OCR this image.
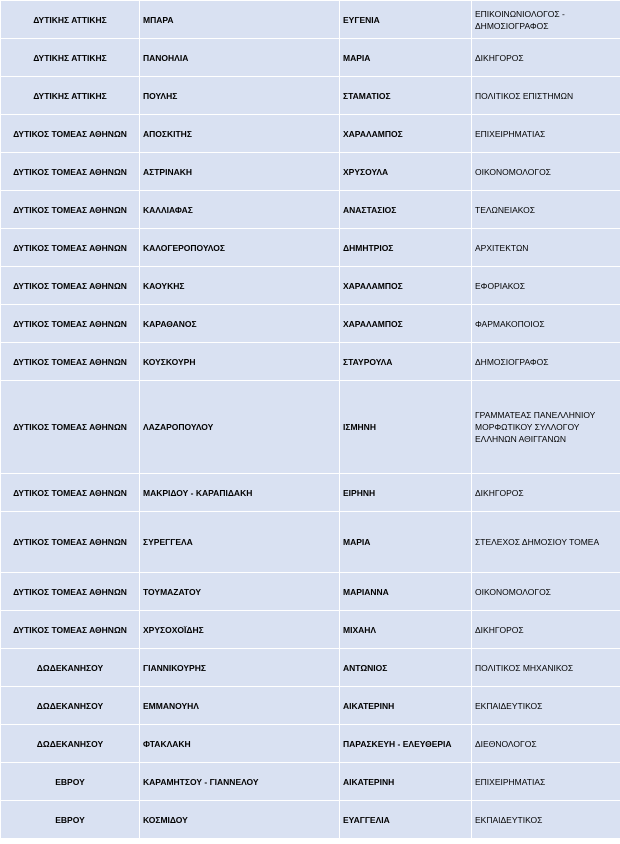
ΔΥΤΙΚΗΣ ΑΤΤΙΚΗΣ	ΜΠΑΡΑ	ΕΥΓΕΝΙΑ	ΕΠΙΚΟΙΝΩΝΙΟΛΟΓΟΣ - ΔΗΜΟΣΙΟΓΡΑΦΟΣ
ΔΥΤΙΚΗΣ ΑΤΤΙΚΗΣ	ΠΑΝΟΗΛΙΑ	ΜΑΡΙΑ	ΔΙΚΗΓΟΡΟΣ
ΔΥΤΙΚΗΣ ΑΤΤΙΚΗΣ	ΠΟΥΛΗΣ	ΣΤΑΜΑΤΙΟΣ	ΠΟΛΙΤΙΚΟΣ ΕΠΙΣΤΗΜΩΝ
ΔΥΤΙΚΟΣ ΤΟΜΕΑΣ ΑΘΗΝΩΝ	ΑΠΟΣΚΙΤΗΣ	ΧΑΡΑΛΑΜΠΟΣ	ΕΠΙΧΕΙΡΗΜΑΤΙΑΣ
ΔΥΤΙΚΟΣ ΤΟΜΕΑΣ ΑΘΗΝΩΝ	ΑΣΤΡΙΝΑΚΗ	ΧΡΥΣΟΥΛΑ	ΟΙΚΟΝΟΜΟΛΟΓΟΣ
ΔΥΤΙΚΟΣ ΤΟΜΕΑΣ ΑΘΗΝΩΝ	ΚΑΛΛΙΑΦΑΣ	ΑΝΑΣΤΑΣΙΟΣ	ΤΕΛΩΝΕΙΑΚΟΣ
ΔΥΤΙΚΟΣ ΤΟΜΕΑΣ ΑΘΗΝΩΝ	ΚΑΛΟΓΕΡΟΠΟΥΛΟΣ	ΔΗΜΗΤΡΙΟΣ	ΑΡΧΙΤΕΚΤΩΝ
ΔΥΤΙΚΟΣ ΤΟΜΕΑΣ ΑΘΗΝΩΝ	ΚΑΟΥΚΗΣ	ΧΑΡΑΛΑΜΠΟΣ	ΕΦΟΡΙΑΚΟΣ
ΔΥΤΙΚΟΣ ΤΟΜΕΑΣ ΑΘΗΝΩΝ	ΚΑΡΑΘΑΝΟΣ	ΧΑΡΑΛΑΜΠΟΣ	ΦΑΡΜΑΚΟΠΟΙΟΣ
ΔΥΤΙΚΟΣ ΤΟΜΕΑΣ ΑΘΗΝΩΝ	ΚΟΥΣΚΟΥΡΗ	ΣΤΑΥΡΟΥΛΑ	ΔΗΜΟΣΙΟΓΡΑΦΟΣ
ΔΥΤΙΚΟΣ ΤΟΜΕΑΣ ΑΘΗΝΩΝ	ΛΑΖΑΡΟΠΟΥΛΟΥ	ΙΣΜΗΝΗ	ΓΡΑΜΜΑΤΕΑΣ ΠΑΝΕΛΛΗΝΙΟΥ ΜΟΡΦΩΤΙΚΟΥ ΣΥΛΛΟΓΟΥ ΕΛΛΗΝΩΝ ΑΘΙΓΓΑΝΩΝ
ΔΥΤΙΚΟΣ ΤΟΜΕΑΣ ΑΘΗΝΩΝ	ΜΑΚΡΙΔΟΥ - ΚΑΡΑΠΙΔΑΚΗ	ΕΙΡΗΝΗ	ΔΙΚΗΓΟΡΟΣ
ΔΥΤΙΚΟΣ ΤΟΜΕΑΣ ΑΘΗΝΩΝ	ΣΥΡΕΓΓΕΛΑ	ΜΑΡΙΑ	ΣΤΕΛΕΧΟΣ ΔΗΜΟΣΙΟΥ ΤΟΜΕΑ
ΔΥΤΙΚΟΣ ΤΟΜΕΑΣ ΑΘΗΝΩΝ	ΤΟΥΜΑΖΑΤΟΥ	ΜΑΡΙΑΝΝΑ	ΟΙΚΟΝΟΜΟΛΟΓΟΣ
ΔΥΤΙΚΟΣ ΤΟΜΕΑΣ ΑΘΗΝΩΝ	ΧΡΥΣΟΧΟΪΔΗΣ	ΜΙΧΑΗΛ	ΔΙΚΗΓΟΡΟΣ
ΔΩΔΕΚΑΝΗΣΟΥ	ΓΙΑΝΝΙΚΟΥΡΗΣ	ΑΝΤΩΝΙΟΣ	ΠΟΛΙΤΙΚΟΣ ΜΗΧΑΝΙΚΟΣ
ΔΩΔΕΚΑΝΗΣΟΥ	ΕΜΜΑΝΟΥΗΛ	ΑΙΚΑΤΕΡΙΝΗ	ΕΚΠΑΙΔΕΥΤΙΚΟΣ
ΔΩΔΕΚΑΝΗΣΟΥ	ΦΤΑΚΛΑΚΗ	ΠΑΡΑΣΚΕΥΗ - ΕΛΕΥΘΕΡΙΑ	ΔΙΕΘΝΟΛΟΓΟΣ
ΕΒΡΟΥ	ΚΑΡΑΜΗΤΣΟΥ - ΓΙΑΝΝΕΛΟΥ	ΑΙΚΑΤΕΡΙΝΗ	ΕΠΙΧΕΙΡΗΜΑΤΙΑΣ
ΕΒΡΟΥ	ΚΟΣΜΙΔΟΥ	ΕΥΑΓΓΕΛΙΑ	ΕΚΠΑΙΔΕΥΤΙΚΟΣ
